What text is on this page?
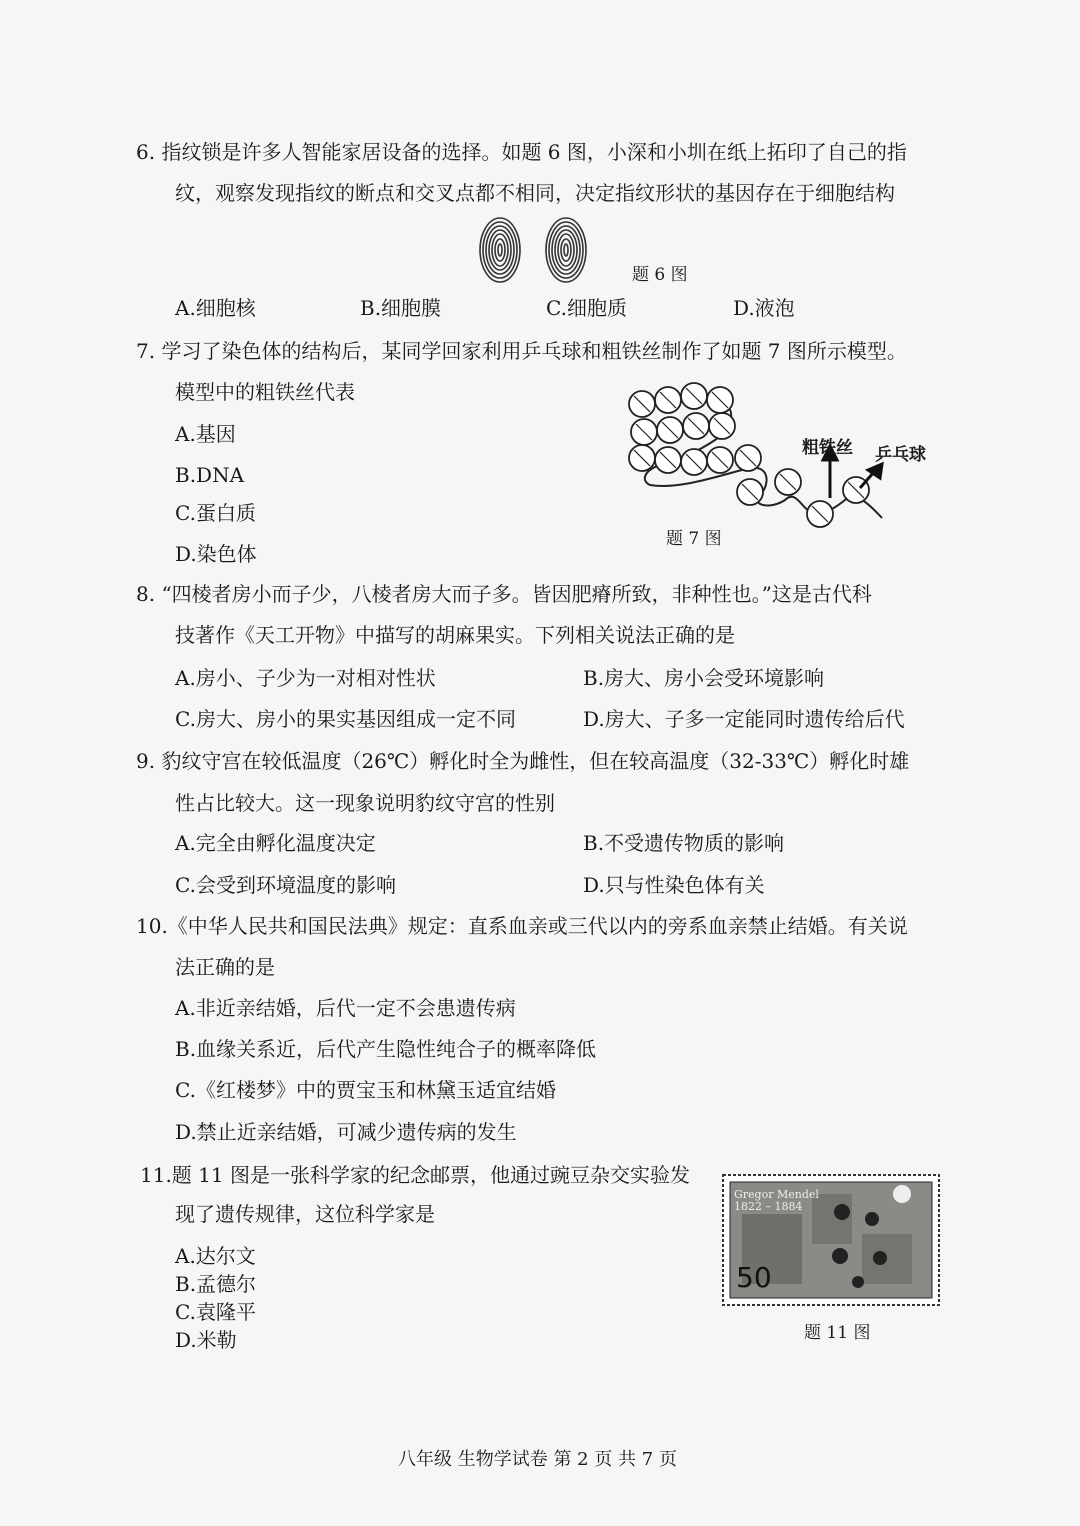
6. 指纹锁是许多人智能家居设备的选择。如题 6 图，小深和小圳在纸上拓印了自己的指
纹，观察发现指纹的断点和交叉点都不相同，决定指纹形状的基因存在于细胞结构
题 6 图
A.细胞核	B.细胞膜	C.细胞质	D.液泡
7. 学习了染色体的结构后，某同学回家利用乒乓球和粗铁丝制作了如题 7 图所示模型。
模型中的粗铁丝代表
A.基因
B.DNA
C.蛋白质
D.染色体
粗铁丝 乒乓球
题 7 图
8. “四棱者房小而子少，八棱者房大而子多。皆因肥瘠所致，非种性也。”这是古代科
技著作《天工开物》中描写的胡麻果实。下列相关说法正确的是
A.房小、子少为一对相对性状	B.房大、房小会受环境影响
C.房大、房小的果实基因组成一定不同	D.房大、子多一定能同时遗传给后代
9. 豹纹守宫在较低温度（26℃）孵化时全为雌性，但在较高温度（32-33℃）孵化时雄
性占比较大。这一现象说明豹纹守宫的性别
A.完全由孵化温度决定	B.不受遗传物质的影响
C.会受到环境温度的影响	D.只与性染色体有关
10.《中华人民共和国民法典》规定：直系血亲或三代以内的旁系血亲禁止结婚。有关说
法正确的是
A.非近亲结婚，后代一定不会患遗传病
B.血缘关系近，后代产生隐性纯合子的概率降低
C.《红楼梦》中的贾宝玉和林黛玉适宜结婚
D.禁止近亲结婚，可减少遗传病的发生
11.题 11 图是一张科学家的纪念邮票，他通过豌豆杂交实验发
现了遗传规律，这位科学家是
A.达尔文
B.孟德尔
C.袁隆平
D.米勒
Gregor Mendel
1822 – 1884
50
题 11 图
八年级 生物学试卷 第 2 页 共 7 页
